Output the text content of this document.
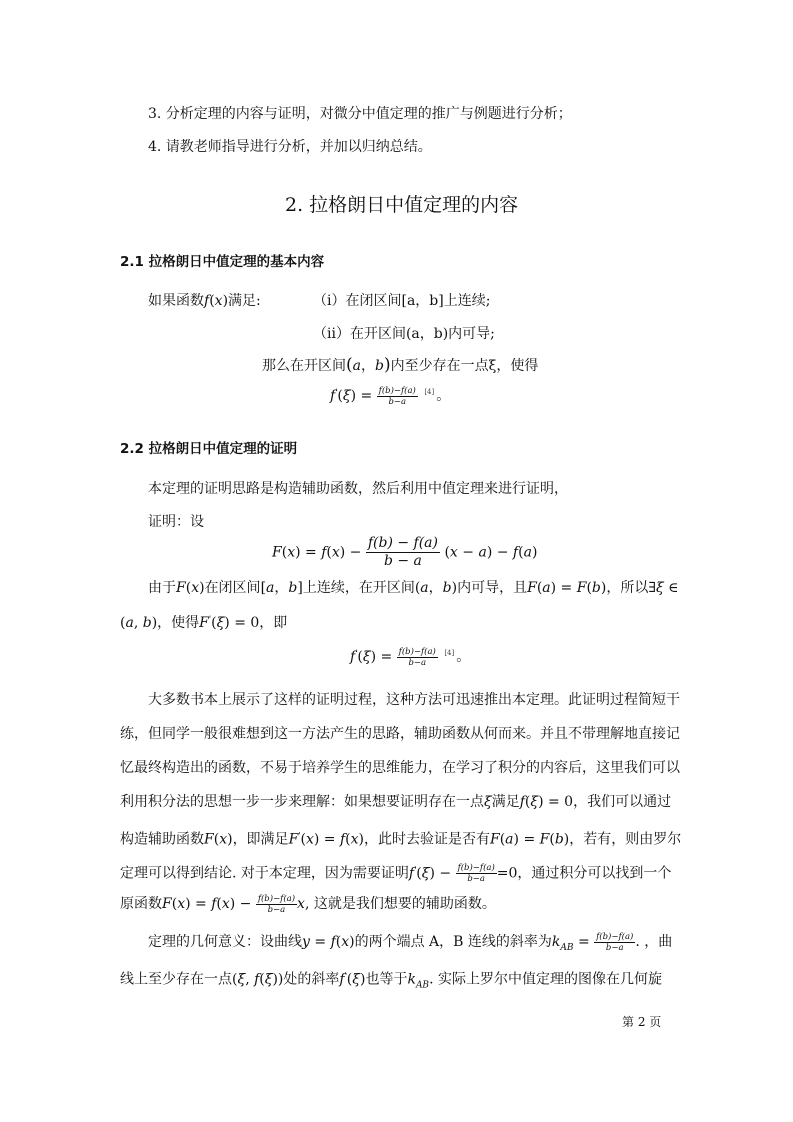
3. 分析定理的内容与证明，对微分中值定理的推广与例题进行分析；
4. 请教老师指导进行分析，并加以归纳总结。
2. 拉格朗日中值定理的内容
2.1 拉格朗日中值定理的基本内容
如果函数f(x)满足:	（i）在闭区间[a，b]上连续;
（ii）在开区间(a，b)内可导;
那么在开区间(a，b)内至少存在一点ξ，使得
$f'(\xi) = \frac{f(b)-f(a)}{b-a} [4]$ 。
2.2 拉格朗日中值定理的证明
本定理的证明思路是构造辅助函数，然后利用中值定理来进行证明，
证明：设
$F(x) = f(x) - \frac{f(b) - f(a)}{b - a} (x - a) - f(a)$
由于F(x)在闭区间[a，b]上连续，在开区间(a，b)内可导，且F(a) = F(b)，所以∃ξ ∈
(a, b)，使得F'(ξ) = 0，即
$f'(\xi) = \frac{f(b)-f(a)}{b-a} [4]$ 。
大多数书本上展示了这样的证明过程，这种方法可迅速推出本定理。此证明过程简短干
练，但同学一般很难想到这一方法产生的思路，辅助函数从何而来。并且不带理解地直接记
忆最终构造出的函数，不易于培养学生的思维能力，在学习了积分的内容后，这里我们可以
利用积分法的思想一步一步来理解：如果想要证明存在一点ξ满足f(ξ) = 0，我们可以通过
构造辅助函数F(x)，即满足F'(x) = f(x)，此时去验证是否有F(a) = F(b)，若有，则由罗尔
定理可以得到结论. 对于本定理，因为需要证明$f'(\xi) - \frac{f(b)-f(a)}{b-a} =0$，通过积分可以找到一个
原函数$F(x) = f(x) - \frac{f(b)-f(a)}{b-a} x$, 这就是我们想要的辅助函数。
定理的几何意义：设曲线y = f(x)的两个端点 A，B 连线的斜率为$k_{AB} = \frac{f(b)-f(a)}{b-a}$ . ，曲
线上至少存在一点(ξ, f(ξ))处的斜率f'(ξ)也等于$k_{AB}$. 实际上罗尔中值定理的图像在几何旋
第 2 页
